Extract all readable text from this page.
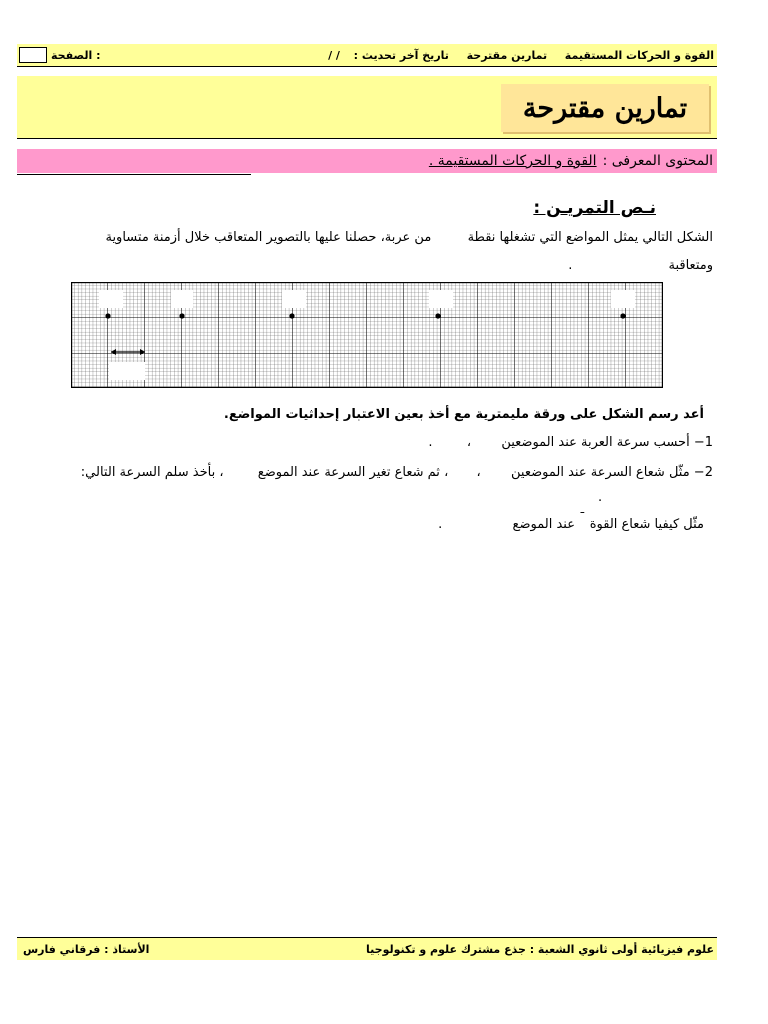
الصفحة :	القوة و الحركات المستقيمة  تمارين مقترحة  تاريخ آخر تحديث :  / /
تمارين مقترحة
المحتوى المعرفى :
القوة و الحركات المستقيمة .
نـص التمريـن :
الشكل التالي يمثل المواضع التي تشغلها نقطة  من عربة، حصلنا عليها بالتصوير المتعاقب خلال أزمنة متساوية
ومتعاقبة .
أعد رسم الشكل على ورقة مليمترية مع أخذ بعين الاعتبار إحداثيات المواضع.
1− أحسب سرعة العربة عند الموضعين  ،  .
2− مثّل شعاع السرعة عند الموضعين  ،  ، ثم شعاع تغير السرعة عند الموضع  ، بأخذ سلم السرعة التالي:
.
مثّل كيفيا شعاع القوة ¯ عند الموضع  .
الأستاذ : فرقاني فارس	علوم فيزيائية أولى ثانوي الشعبة : جذع مشترك علوم و تكنولوجيا
